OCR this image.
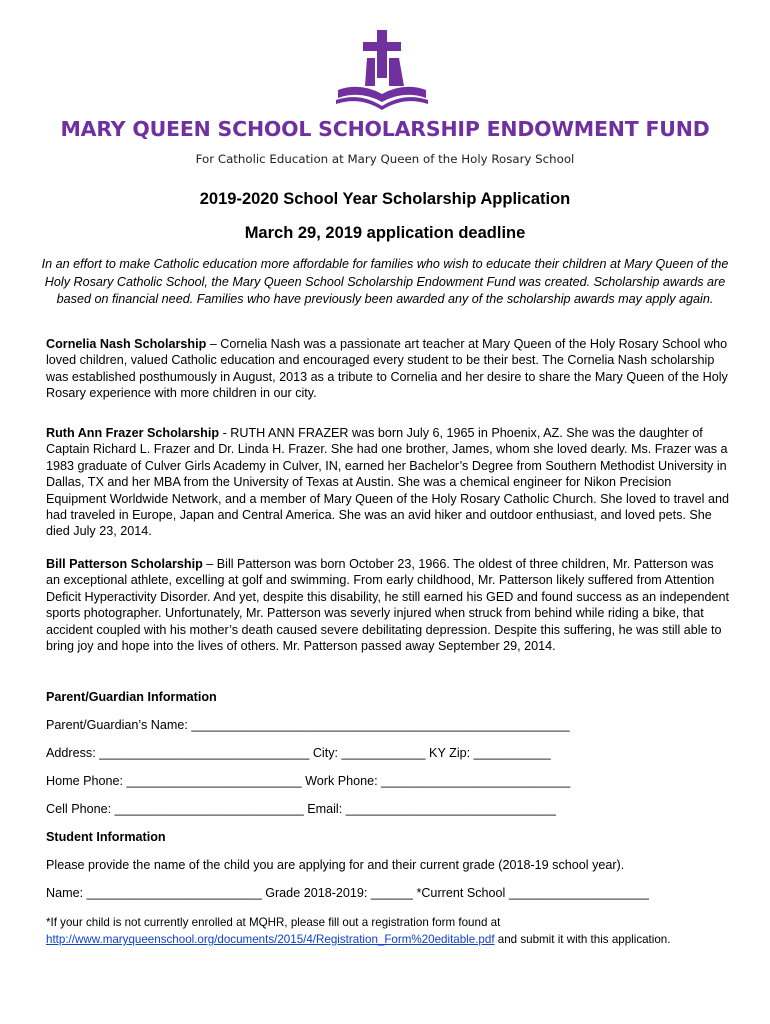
MARY QUEEN SCHOOL SCHOLARSHIP ENDOWMENT FUND
For Catholic Education at Mary Queen of the Holy Rosary School
2019-2020 School Year Scholarship Application
March 29, 2019 application deadline
In an effort to make Catholic education more affordable for families who wish to educate their children at Mary Queen of the Holy Rosary Catholic School, the Mary Queen School Scholarship Endowment Fund was created. Scholarship awards are based on financial need. Families who have previously been awarded any of the scholarship awards may apply again.
Cornelia Nash Scholarship – Cornelia Nash was a passionate art teacher at Mary Queen of the Holy Rosary School who loved children, valued Catholic education and encouraged every student to be their best. The Cornelia Nash scholarship was established posthumously in August, 2013 as a tribute to Cornelia and her desire to share the Mary Queen of the Holy Rosary experience with more children in our city.
Ruth Ann Frazer Scholarship - RUTH ANN FRAZER was born July 6, 1965 in Phoenix, AZ. She was the daughter of Captain Richard L. Frazer and Dr. Linda H. Frazer. She had one brother, James, whom she loved dearly. Ms. Frazer was a 1983 graduate of Culver Girls Academy in Culver, IN, earned her Bachelor’s Degree from Southern Methodist University in Dallas, TX and her MBA from the University of Texas at Austin. She was a chemical engineer for Nikon Precision Equipment Worldwide Network, and a member of Mary Queen of the Holy Rosary Catholic Church. She loved to travel and had traveled in Europe, Japan and Central America. She was an avid hiker and outdoor enthusiast, and loved pets. She died July 23, 2014.
Bill Patterson Scholarship – Bill Patterson was born October 23, 1966. The oldest of three children, Mr. Patterson was an exceptional athlete, excelling at golf and swimming. From early childhood, Mr. Patterson likely suffered from Attention Deficit Hyperactivity Disorder. And yet, despite this disability, he still earned his GED and found success as an independent sports photographer. Unfortunately, Mr. Patterson was severly injured when struck from behind while riding a bike, that accident coupled with his mother’s death caused severe debilitating depression. Despite this suffering, he was still able to bring joy and hope into the lives of others. Mr. Patterson passed away September 29, 2014.
Parent/Guardian Information
Parent/Guardian’s Name: ______________________________________________________
Address: ______________________________ City: ____________ KY Zip: ___________
Home Phone: _________________________ Work Phone: ___________________________
Cell Phone: ___________________________ Email: ______________________________
Student Information
Please provide the name of the child you are applying for and their current grade (2018-19 school year).
Name: _________________________ Grade 2018-2019: ______ *Current School ____________________
*If your child is not currently enrolled at MQHR, please fill out a registration form found at
http://www.maryqueenschool.org/documents/2015/4/Registration_Form%20editable.pdf and submit it with this application.
